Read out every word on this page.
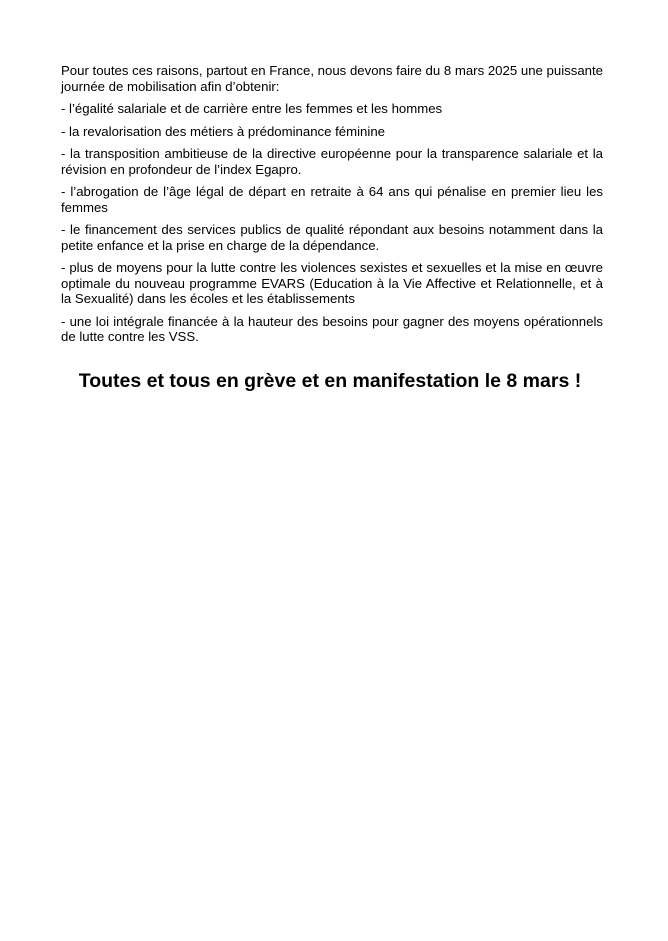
Pour toutes ces raisons, partout en France, nous devons faire du 8 mars 2025 une puissante journée de mobilisation afin d’obtenir:

- l’égalité salariale et de carrière entre les femmes et les hommes
- la revalorisation des métiers à prédominance féminine
- la transposition ambitieuse de la directive européenne pour la transparence salariale et la révision en profondeur de l’index Egapro.
- l’abrogation de l’âge légal de départ en retraite à 64 ans qui pénalise en premier lieu les femmes
- le financement des services publics de qualité répondant aux besoins notamment dans la petite enfance et la prise en charge de la dépendance.
- plus de moyens pour la lutte contre les violences sexistes et sexuelles et la mise en œuvre optimale du nouveau programme EVARS (Education à la Vie Affective et Relationnelle, et à la Sexualité) dans les écoles et les établissements
- une loi intégrale financée à la hauteur des besoins pour gagner des moyens opérationnels de lutte contre les VSS.
Toutes et tous en grève et en manifestation le 8 mars !
